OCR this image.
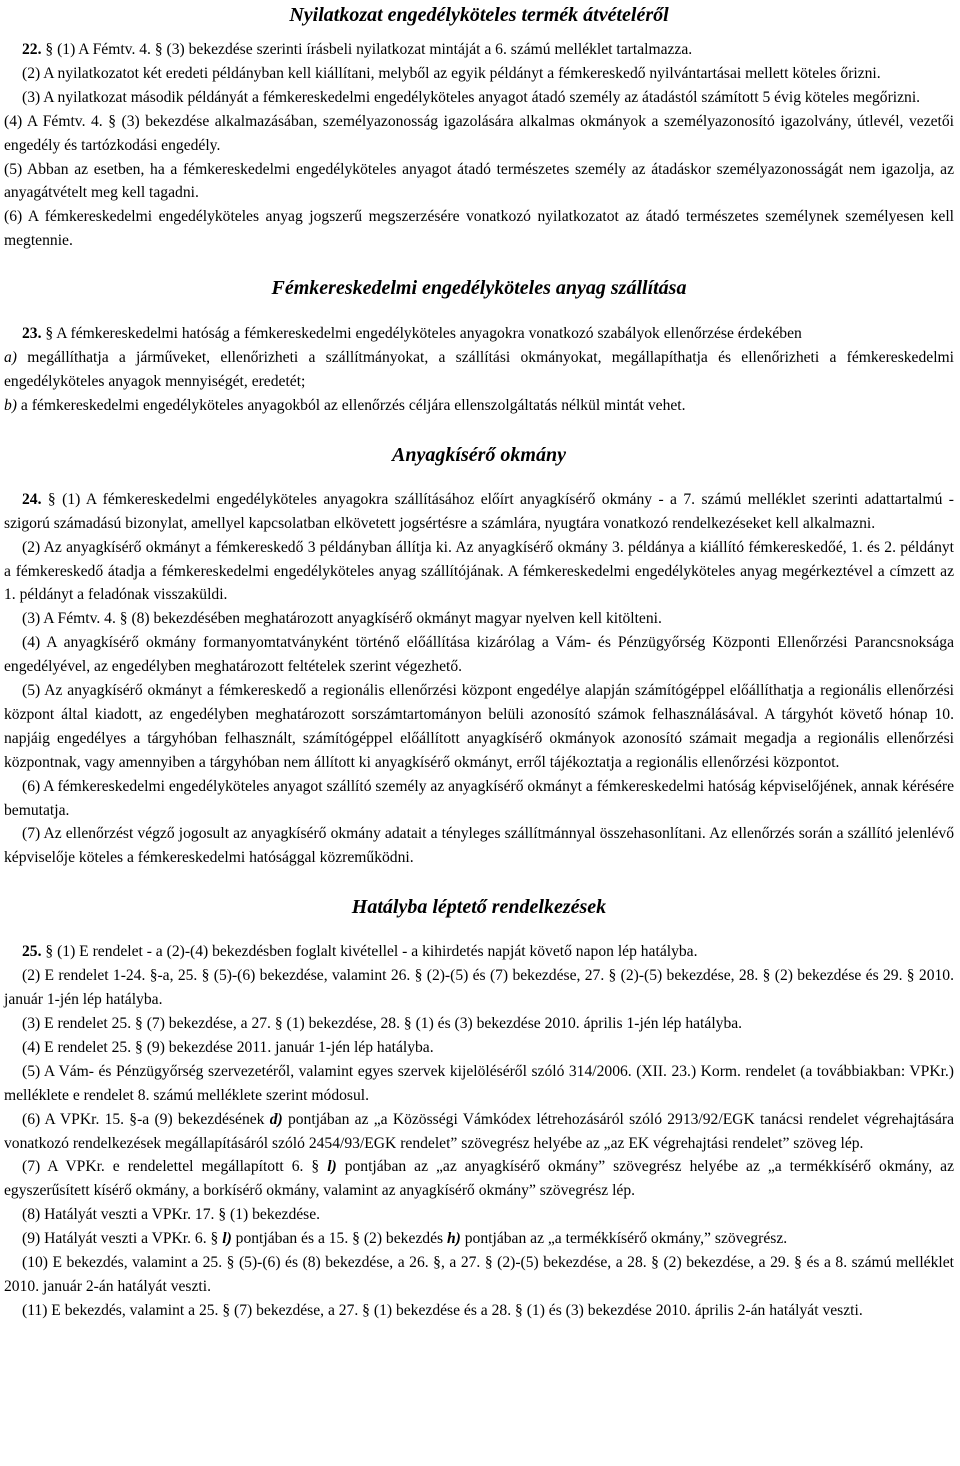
Nyilatkozat engedélyköteles termék átvételéről

22. § (1) A Fémtv. 4. § (3) bekezdése szerinti írásbeli nyilatkozat mintáját a 6. számú melléklet tartalmazza.

(2) A nyilatkozatot két eredeti példányban kell kiállítani, melyből az egyik példányt a fémkereskedő nyilvántartásai mellett köteles őrizni.

(3) A nyilatkozat második példányát a fémkereskedelmi engedélyköteles anyagot átadó személy az átadástól számított 5 évig köteles megőrizni.

(4) A Fémtv. 4. § (3) bekezdése alkalmazásában, személyazonosság igazolására alkalmas okmányok a személyazonosító igazolvány, útlevél, vezetői engedély és tartózkodási engedély.

(5) Abban az esetben, ha a fémkereskedelmi engedélyköteles anyagot átadó természetes személy az átadáskor személyazonosságát nem igazolja, az anyagátvételt meg kell tagadni.

(6) A fémkereskedelmi engedélyköteles anyag jogszerű megszerzésére vonatkozó nyilatkozatot az átadó természetes személynek személyesen kell megtennie.

Fémkereskedelmi engedélyköteles anyag szállítása

23. § A fémkereskedelmi hatóság a fémkereskedelmi engedélyköteles anyagokra vonatkozó szabályok ellenőrzése érdekében

a) megállíthatja a járműveket, ellenőrizheti a szállítmányokat, a szállítási okmányokat, megállapíthatja és ellenőrizheti a fémkereskedelmi engedélyköteles anyagok mennyiségét, eredetét;

b) a fémkereskedelmi engedélyköteles anyagokból az ellenőrzés céljára ellenszolgáltatás nélkül mintát vehet.

Anyagkísérő okmány

24. § (1) A fémkereskedelmi engedélyköteles anyagokra szállításához előírt anyagkísérő okmány - a 7. számú melléklet szerinti adattartalmú - szigorú számadású bizonylat, amellyel kapcsolatban elkövetett jogsértésre a számlára, nyugtára vonatkozó rendelkezéseket kell alkalmazni.

(2) Az anyagkísérő okmányt a fémkereskedő 3 példányban állítja ki. Az anyagkísérő okmány 3. példánya a kiállító fémkereskedőé, 1. és 2. példányt a fémkereskedő átadja a fémkereskedelmi engedélyköteles anyag szállítójának. A fémkereskedelmi engedélyköteles anyag megérkeztével a címzett az 1. példányt a feladónak visszaküldi.

(3) A Fémtv. 4. § (8) bekezdésében meghatározott anyagkísérő okmányt magyar nyelven kell kitölteni.

(4) A anyagkísérő okmány formanyomtatványként történő előállítása kizárólag a Vám- és Pénzügyőrség Központi Ellenőrzési Parancsnoksága engedélyével, az engedélyben meghatározott feltételek szerint végezhető.

(5) Az anyagkísérő okmányt a fémkereskedő a regionális ellenőrzési központ engedélye alapján számítógéppel előállíthatja a regionális ellenőrzési központ által kiadott, az engedélyben meghatározott sorszámtartományon belüli azonosító számok felhasználásával. A tárgyhót követő hónap 10. napjáig engedélyes a tárgyhóban felhasznált, számítógéppel előállított anyagkísérő okmányok azonosító számait megadja a regionális ellenőrzési központnak, vagy amennyiben a tárgyhóban nem állított ki anyagkísérő okmányt, erről tájékoztatja a regionális ellenőrzési központot.

(6) A fémkereskedelmi engedélyköteles anyagot szállító személy az anyagkísérő okmányt a fémkereskedelmi hatóság képviselőjének, annak kérésére bemutatja.

(7) Az ellenőrzést végző jogosult az anyagkísérő okmány adatait a tényleges szállítmánnyal összehasonlítani. Az ellenőrzés során a szállító jelenlévő képviselője köteles a fémkereskedelmi hatósággal közreműködni.

Hatályba léptető rendelkezések

25. § (1) E rendelet - a (2)-(4) bekezdésben foglalt kivétellel - a kihirdetés napját követő napon lép hatályba.

(2) E rendelet 1-24. §-a, 25. § (5)-(6) bekezdése, valamint 26. § (2)-(5) és (7) bekezdése, 27. § (2)-(5) bekezdése, 28. § (2) bekezdése és 29. § 2010. január 1-jén lép hatályba.

(3) E rendelet 25. § (7) bekezdése, a 27. § (1) bekezdése, 28. § (1) és (3) bekezdése 2010. április 1-jén lép hatályba.

(4) E rendelet 25. § (9) bekezdése 2011. január 1-jén lép hatályba.

(5) A Vám- és Pénzügyőrség szervezetéről, valamint egyes szervek kijelöléséről szóló 314/2006. (XII. 23.) Korm. rendelet (a továbbiakban: VPKr.) melléklete e rendelet 8. számú melléklete szerint módosul.

(6) A VPKr. 15. §-a (9) bekezdésének d) pontjában az „a Közösségi Vámkódex létrehozásáról szóló 2913/92/EGK tanácsi rendelet végrehajtására vonatkozó rendelkezések megállapításáról szóló 2454/93/EGK rendelet” szövegrész helyébe az „az EK végrehajtási rendelet” szöveg lép.

(7) A VPKr. e rendelettel megállapított 6. § l) pontjában az „az anyagkísérő okmány” szövegrész helyébe az „a termékkísérő okmány, az egyszerűsített kísérő okmány, a borkísérő okmány, valamint az anyagkísérő okmány” szövegrész lép.

(8) Hatályát veszti a VPKr. 17. § (1) bekezdése.

(9) Hatályát veszti a VPKr. 6. § l) pontjában és a 15. § (2) bekezdés h) pontjában az „a termékkísérő okmány,” szövegrész.

(10) E bekezdés, valamint a 25. § (5)-(6) és (8) bekezdése, a 26. §, a 27. § (2)-(5) bekezdése, a 28. § (2) bekezdése, a 29. § és a 8. számú melléklet 2010. január 2-án hatályát veszti.

(11) E bekezdés, valamint a 25. § (7) bekezdése, a 27. § (1) bekezdése és a 28. § (1) és (3) bekezdése 2010. április 2-án hatályát veszti.
